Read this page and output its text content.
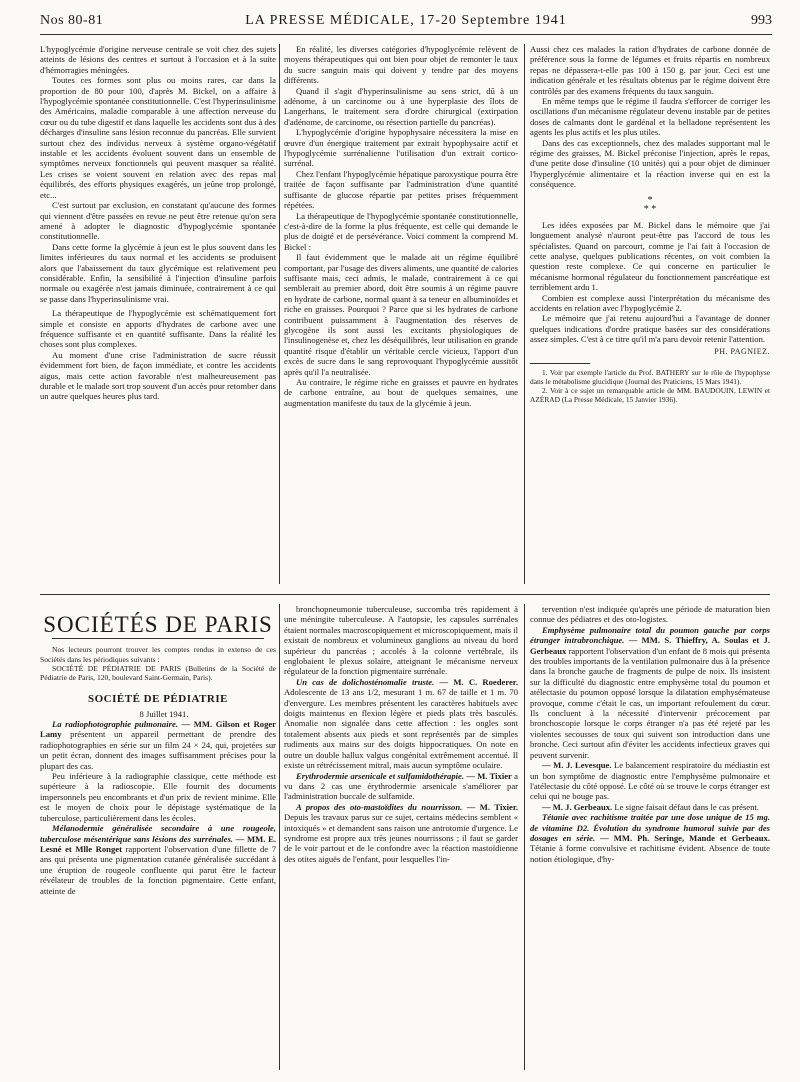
Nos 80-81	LA PRESSE MÉDICALE, 17-20 Septembre 1941	993

L'hypoglycémie d'origine nerveuse centrale se voit chez des sujets atteints de lésions des centres et surtout à l'occasion et à la suite d'hémorragies méningées.

Toutes ces formes sont plus ou moins rares, car dans la proportion de 80 pour 100, d'après M. Bickel, on a affaire à l'hypoglycémie spontanée constitutionnelle. C'est l'hyperinsulinisme des Américains, maladie comparable à une affection nerveuse du cœur ou du tube digestif et dans laquelle les accidents sont dus à des décharges d'insuline sans lésion reconnue du pancréas. Elle survient surtout chez des individus nerveux à système organo-végétatif instable et les accidents évoluent souvent dans un ensemble de symptômes nerveux fonctionnels qui peuvent masquer sa réalité. Les crises se voient souvent en relation avec des repas mal équilibrés, des efforts physiques exagérés, un jeûne trop prolongé, etc...

C'est surtout par exclusion, en constatant qu'aucune des formes qui viennent d'être passées en revue ne peut être retenue qu'on sera amené à adopter le diagnostic d'hypoglycémie spontanée constitutionnelle.

Dans cette forme la glycémie à jeun est le plus souvent dans les limites inférieures du taux normal et les accidents se produisent alors que l'abaissement du taux glycémique est relativement peu considérable. Enfin, la sensibilité à l'injection d'insuline parfois normale ou exagérée n'est jamais diminuée, contrairement à ce qui se passe dans l'hyperinsulinisme vrai.

La thérapeutique de l'hypoglycémie est schématiquement fort simple et consiste en apports d'hydrates de carbone avec une fréquence suffisante et en quantité suffisante. Dans la réalité les choses sont plus complexes.

Au moment d'une crise l'administration de sucre réussit évidemment fort bien, de façon immédiate, et contre les accidents aigus, mais cette action favorable n'est malheureusement pas durable et le malade sort trop souvent d'un accès pour retomber dans un autre quelques heures plus tard.

En réalité, les diverses catégories d'hypoglycémie relèvent de moyens thérapeutiques qui ont bien pour objet de remonter le taux du sucre sanguin mais qui doivent y tendre par des moyens différents.

Quand il s'agit d'hyperinsulinisme au sens strict, dû à un adénome, à un carcinome ou à une hyperplasie des îlots de Langerhans, le traitement sera d'ordre chirurgical (extirpation d'adénome, de carcinome, ou résection partielle du pancréas).

L'hypoglycémie d'origine hypophysaire nécessitera la mise en œuvre d'un énergique traitement par extrait hypophysaire actif et l'hypoglycémie surrénalienne l'utilisation d'un extrait cortico-surrénal.

Chez l'enfant l'hypoglycémie hépatique paroxystique pourra être traitée de façon suffisante par l'administration d'une quantité suffisante de glucose répartie par petites prises fréquemment répétées.

La thérapeutique de l'hypoglycémie spontanée constitutionnelle, c'est-à-dire de la forme la plus fréquente, est celle qui demande le plus de doigté et de persévérance. Voici comment la comprend M. Bickel :

Il faut évidemment que le malade ait un régime équilibré comportant, par l'usage des divers aliments, une quantité de calories suffisante mais, ceci admis, le malade, contrairement à ce qui semblerait au premier abord, doit être soumis à un régime pauvre en hydrate de carbone, normal quant à sa teneur en albuminoïdes et riche en graisses. Pourquoi ? Parce que si les hydrates de carbone contribuent puissamment à l'augmentation des réserves de glycogène ils sont aussi les excitants physiologiques de l'insulinogenèse et, chez les déséquilibrés, leur utilisation en grande quantité risque d'établir un véritable cercle vicieux, l'apport d'un excès de sucre dans le sang reprovoquant l'hypoglycémie aussitôt après qu'il l'a neutralisée.

Au contraire, le régime riche en graisses et pauvre en hydrates de carbone entraîne, au bout de quelques semaines, une augmentation manifeste du taux de la glycémie à jeun.

Aussi chez ces malades la ration d'hydrates de carbone donnée de préférence sous la forme de légumes et fruits répartis en nombreux repas ne dépassera-t-elle pas 100 à 150 g. par jour. Ceci est une indication générale et les résultats obtenus par le régime doivent être contrôlés par des examens fréquents du taux sanguin.

En même temps que le régime il faudra s'efforcer de corriger les oscillations d'un mécanisme régulateur devenu instable par de petites doses de calmants dont le gardénal et la belladone représentent les agents les plus actifs et les plus utiles.

Dans des cas exceptionnels, chez des malades supportant mal le régime des graisses, M. Bickel préconise l'injection, après le repas, d'une petite dose d'insuline (10 unités) qui a pour objet de diminuer l'hyperglycémie alimentaire et la réaction inverse qui en est la conséquence.

*
* *

Les idées exposées par M. Bickel dans le mémoire que j'ai longuement analysé n'auront peut-être pas l'accord de tous les spécialistes. Quand on parcourt, comme je l'ai fait à l'occasion de cette analyse, quelques publications récentes, on voit combien la question reste complexe. Ce qui concerne en particulier le mécanisme hormonal régulateur du fonctionnement pancréatique est terriblement ardu 1.

Combien est complexe aussi l'interprétation du mécanisme des accidents en relation avec l'hypoglycémie 2.

Le mémoire que j'ai retenu aujourd'hui a l'avantage de donner quelques indications d'ordre pratique basées sur des considérations assez simples. C'est à ce titre qu'il m'a paru devoir retenir l'attention.

PH. PAGNIEZ.

1. Voir par exemple l'article du Prof. BATHERY sur le rôle de l'hypophyse dans le métabolisme glucidique (Journal des Praticiens, 15 Mars 1941).

2. Voir à ce sujet un remarquable article de MM. BAUDOUIN, LEWIN et AZÉRAD (La Presse Médicale, 15 Janvier 1936).

SOCIÉTÉS DE PARIS

Nos lecteurs pourront trouver les comptes rendus in extenso de ces Sociétés dans les périodiques suivants :

SOCIÉTÉ DE PÉDIATRIE DE PARIS (Bulletins de la Société de Pédiatrie de Paris, 120, boulevard Saint-Germain, Paris).

SOCIÉTÉ DE PÉDIATRIE

8 Juillet 1941.

La radiophotographie pulmonaire. — MM. Gilson et Roger Lamy présentent un appareil permettant de prendre des radiophotographies en série sur un film 24 × 24, qui, projetées sur un petit écran, donnent des images suffisamment précises pour la plupart des cas.

Peu inférieure à la radiographie classique, cette méthode est supérieure à la radioscopie. Elle fournit des documents impersonnels peu encombrants et d'un prix de revient minime. Elle est le moyen de choix pour le dépistage systématique de la tuberculose, particulièrement dans les écoles.

Mélanodermie généralisée secondaire à une rougeole, tuberculose mésentérique sans lésions des surrénales. — MM. E. Lesné et Mlle Ronget rapportent l'observation d'une fillette de 7 ans qui présenta une pigmentation cutanée généralisée succédant à une éruption de rougeole confluente qui parut être le facteur révélateur de troubles de la fonction pigmentaire. Cette enfant, atteinte de

bronchopneumonie tuberculeuse, succomba très rapidement à une méningite tuberculeuse. A l'autopsie, les capsules surrénales étaient normales macroscopiquement et microscopiquement, mais il existait de nombreux et volumineux ganglions au niveau du bord supérieur du pancréas ; accolés à la colonne vertébrale, ils englobaient le plexus solaire, atteignant le mécanisme nerveux régulateur de la fonction pigmentaire surrénale.

Un cas de dolichosténomalie truste. — M. C. Roederer. Adolescente de 13 ans 1/2, mesurant 1 m. 67 de taille et 1 m. 70 d'envergure. Les membres présentent les caractères habituels avec doigts maintenus en flexion légère et pieds plats très basculés. Anomalie non signalée dans cette affection : les ongles sont totalement absents aux pieds et sont représentés par de simples rudiments aux mains sur des doigts hippocratiques. On note en outre un double hallux valgus congénital extrêmement accentué. Il existe un rétrécissement mitral, mais aucun symptôme oculaire.

Erythrodermie arsenicale et sulfamidothérapie. — M. Tixier a vu dans 2 cas une érythrodermie arsenicale s'améliorer par l'administration buccale de sulfamide.

A propos des oto-mastoïdites du nourrisson. — M. Tixier. Depuis les travaux parus sur ce sujet, certains médecins semblent « intoxiqués » et demandent sans raison une antrotomie d'urgence. Le syndrome est propre aux très jeunes nourrissons ; il faut se garder de le voir partout et de le confondre avec la réaction mastoïdienne des otites aiguës de l'enfant, pour lesquelles l'in-

tervention n'est indiquée qu'après une période de maturation bien connue des pédiatres et des oto-logistes.

Emphysème pulmonaire total du poumon gauche par corps étranger intrabronchique. — MM. S. Thieffry, A. Soulas et J. Gerbeaux rapportent l'observation d'un enfant de 8 mois qui présenta des troubles importants de la ventilation pulmonaire dus à la présence dans la bronche gauche de fragments de pulpe de noix. Ils insistent sur la difficulté du diagnostic entre emphysème total du poumon et atélectasie du poumon opposé lorsque la dilatation emphysémateuse provoque, comme c'était le cas, un important refoulement du cœur. Ils concluent à la nécessité d'intervenir précocement par bronchoscopie lorsque le corps étranger n'a pas été rejeté par les violentes secousses de toux qui suivent son introduction dans une bronche. Ceci surtout afin d'éviter les accidents infectieux graves qui peuvent survenir.

— M. J. Levesque. Le balancement respiratoire du médiastin est un bon symptôme de diagnostic entre l'emphysème pulmonaire et l'atélectasie du côté opposé. Le côté où se trouve le corps étranger est celui qui ne bouge pas.

— M. J. Gerbeaux. Le signe faisait défaut dans le cas présent.

Tétanie avec rachitisme traitée par une dose unique de 15 mg. de vitamine D2. Évolution du syndrome humoral suivie par des dosages en série. — MM. Ph. Seringe, Mande et Gerbeaux. Tétanie à forme convulsive et rachitisme évident. Absence de toute notion étiologique, d'hy-
